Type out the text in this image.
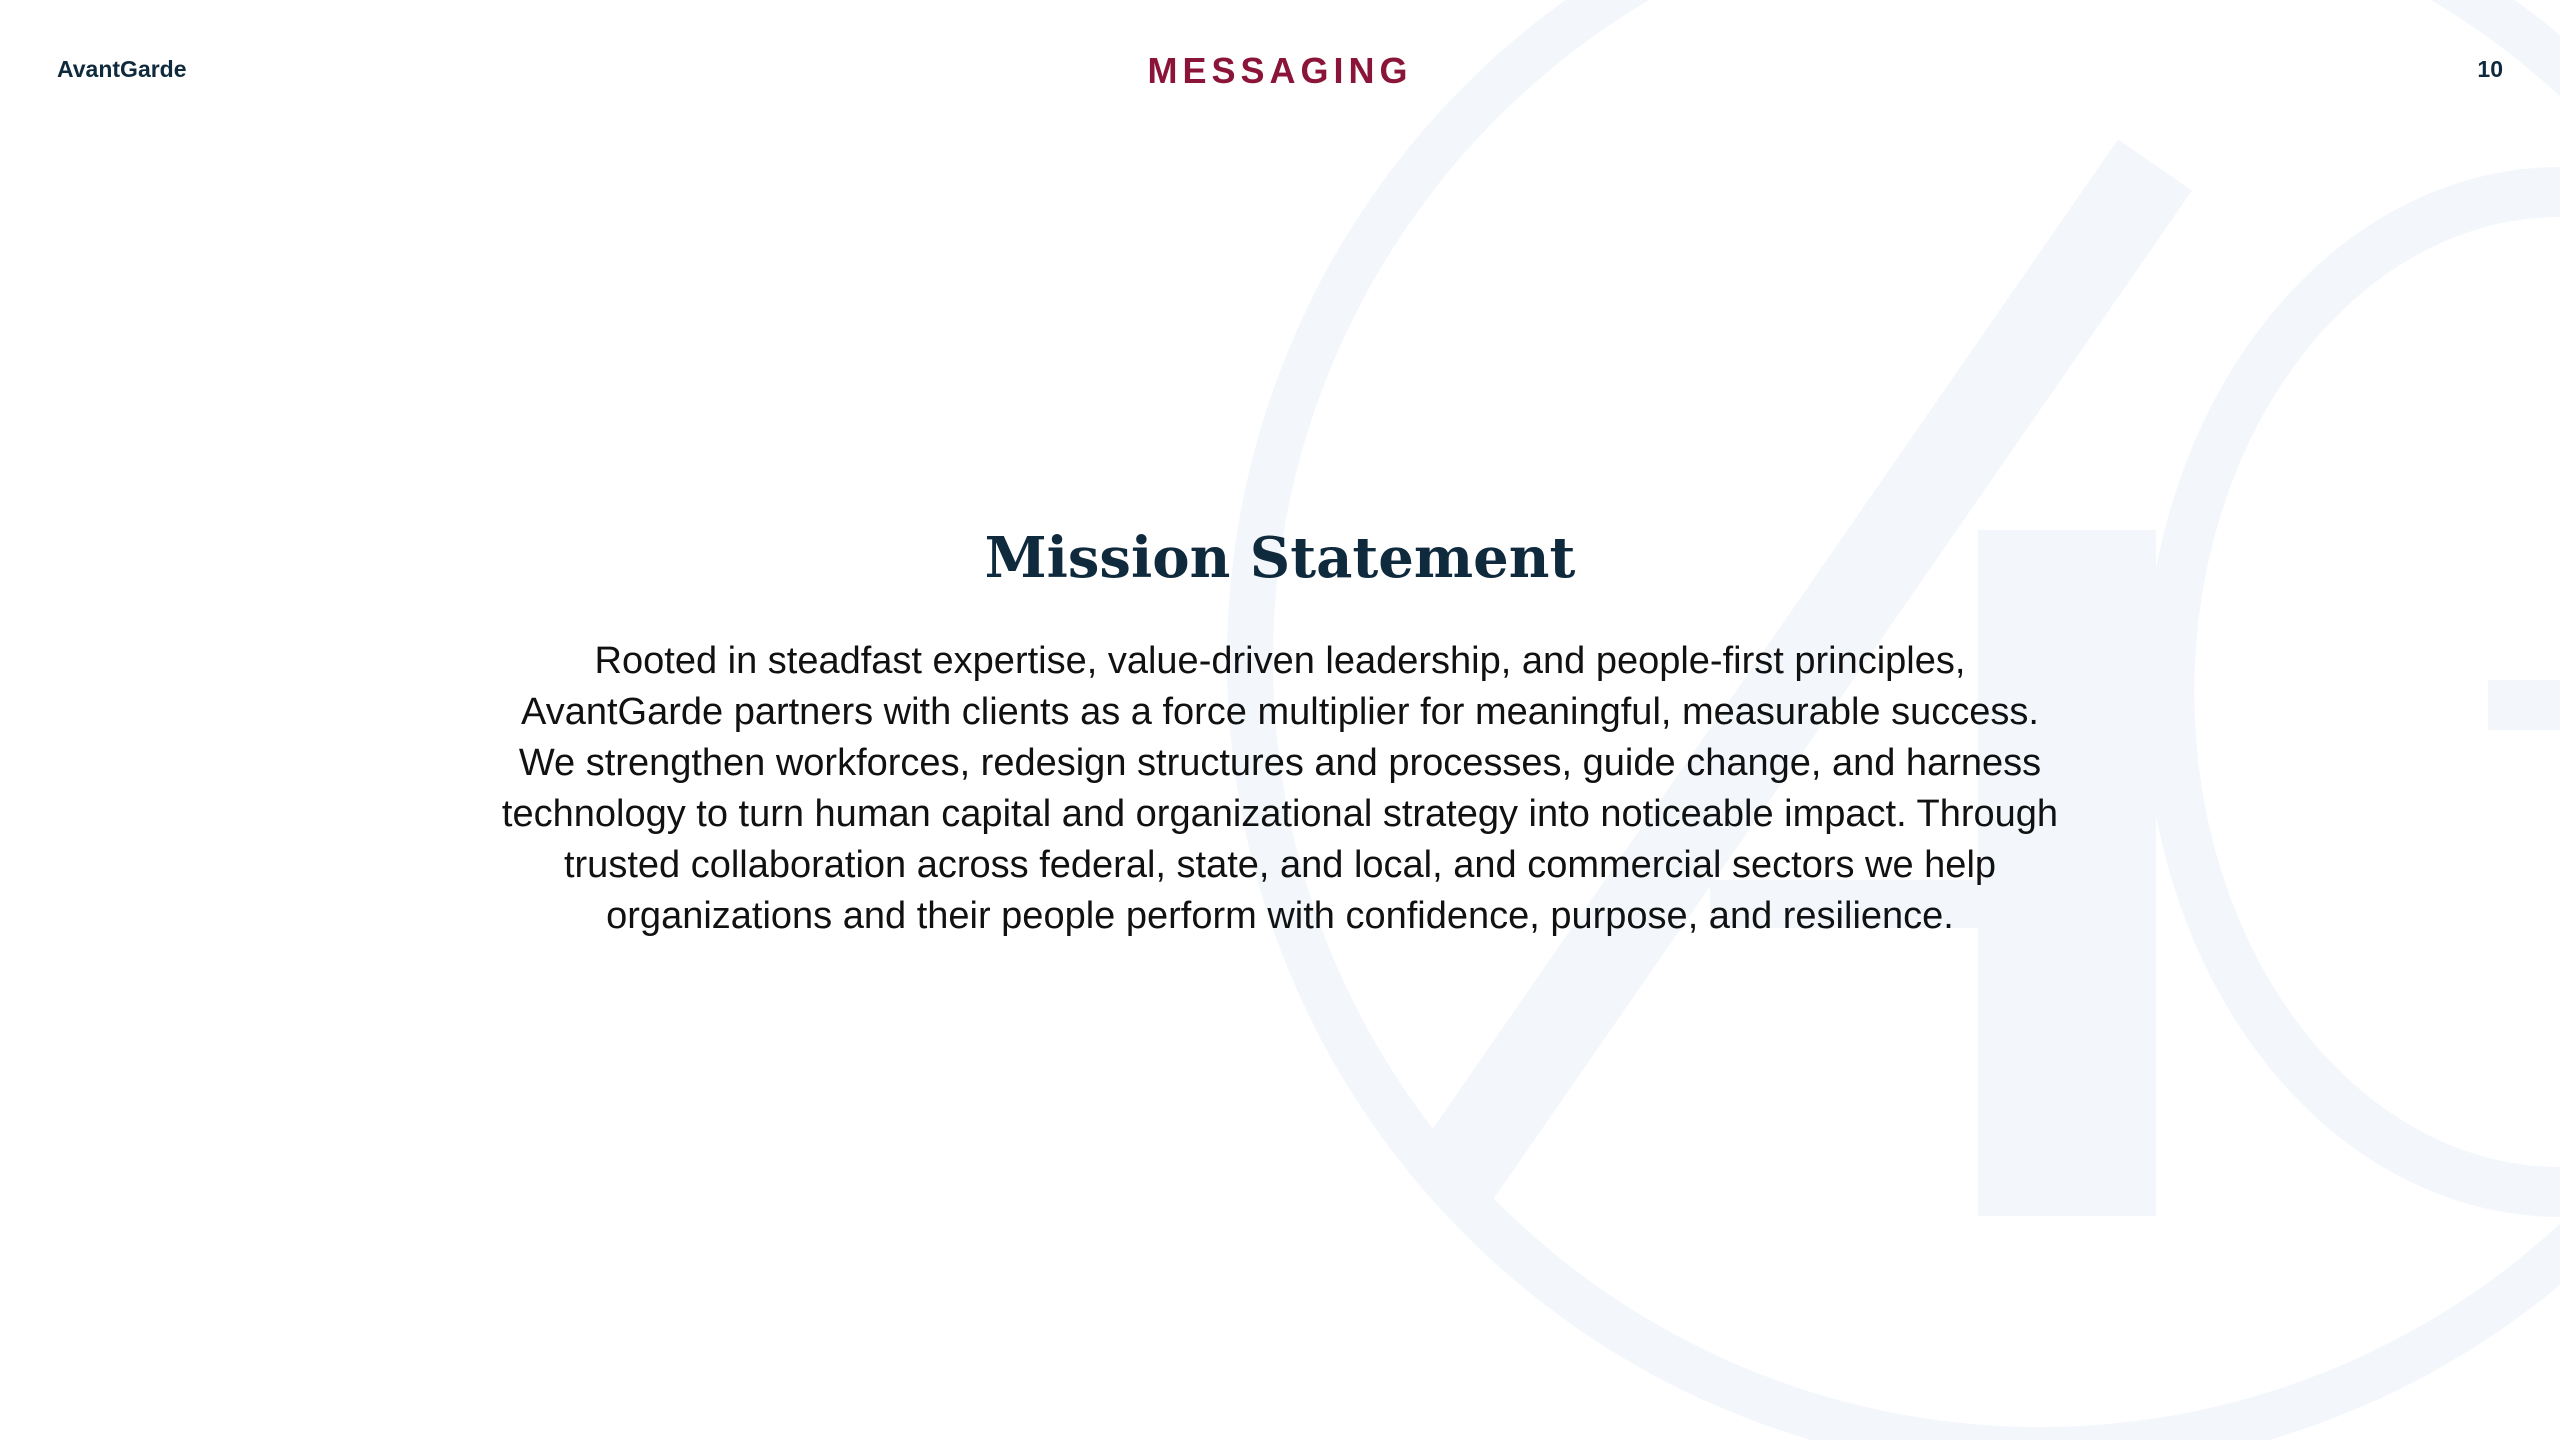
AvantGarde	MESSAGING	10
Mission Statement
Rooted in steadfast expertise, value-driven leadership, and people-first principles,
AvantGarde partners with clients as a force multiplier for meaningful, measurable success.
We strengthen workforces, redesign structures and processes, guide change, and harness
technology to turn human capital and organizational strategy into noticeable impact. Through
trusted collaboration across federal, state, and local, and commercial sectors we help
organizations and their people perform with confidence, purpose, and resilience.
